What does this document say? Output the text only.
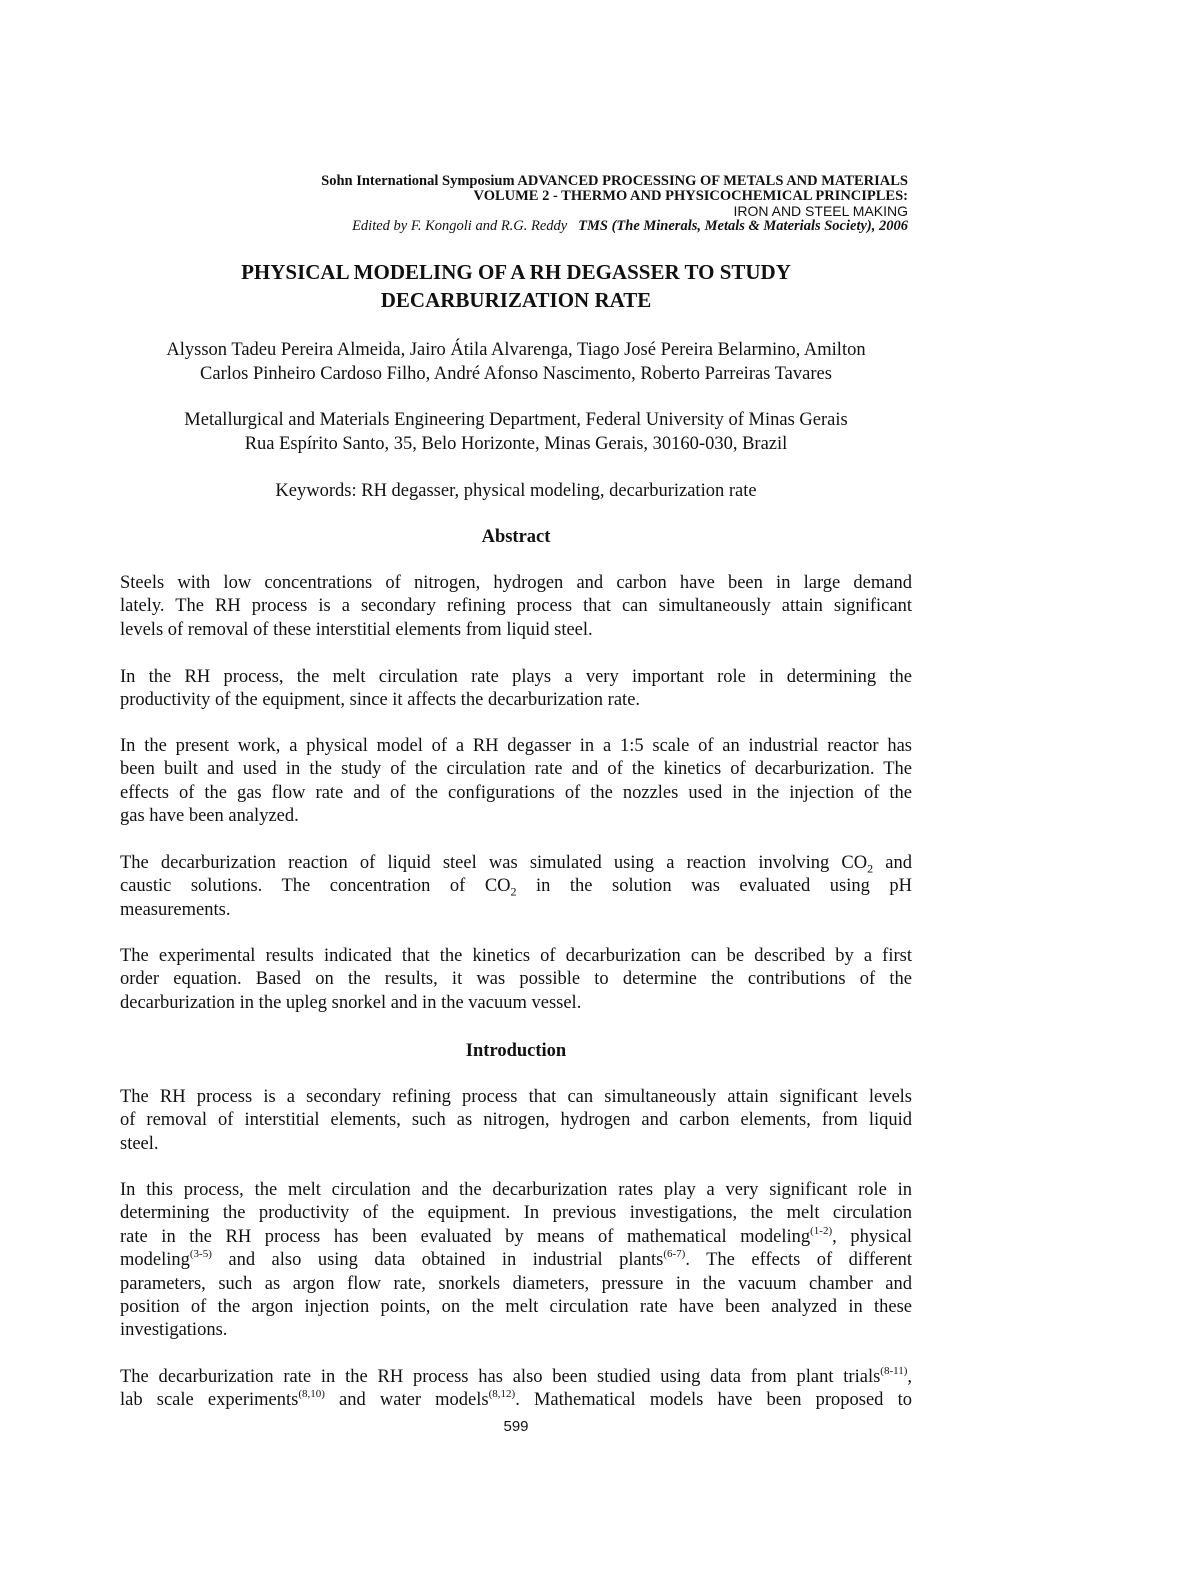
Sohn International Symposium ADVANCED PROCESSING OF METALS AND MATERIALS
VOLUME 2 - THERMO AND PHYSICOCHEMICAL PRINCIPLES:
IRON AND STEEL MAKING
Edited by F. Kongoli and R.G. Reddy TMS (The Minerals, Metals & Materials Society), 2006
PHYSICAL MODELING OF A RH DEGASSER TO STUDY
DECARBURIZATION RATE
Alysson Tadeu Pereira Almeida, Jairo Átila Alvarenga, Tiago José Pereira Belarmino, Amilton
Carlos Pinheiro Cardoso Filho, André Afonso Nascimento, Roberto Parreiras Tavares
Metallurgical and Materials Engineering Department, Federal University of Minas Gerais
Rua Espírito Santo, 35, Belo Horizonte, Minas Gerais, 30160-030, Brazil
Keywords: RH degasser, physical modeling, decarburization rate
Abstract
Steels with low concentrations of nitrogen, hydrogen and carbon have been in large demand
lately. The RH process is a secondary refining process that can simultaneously attain significant
levels of removal of these interstitial elements from liquid steel.
In the RH process, the melt circulation rate plays a very important role in determining the
productivity of the equipment, since it affects the decarburization rate.
In the present work, a physical model of a RH degasser in a 1:5 scale of an industrial reactor has
been built and used in the study of the circulation rate and of the kinetics of decarburization. The
effects of the gas flow rate and of the configurations of the nozzles used in the injection of the
gas have been analyzed.
The decarburization reaction of liquid steel was simulated using a reaction involving $CO_2$ and
caustic solutions. The concentration of $CO_2$ in the solution was evaluated using pH
measurements.
The experimental results indicated that the kinetics of decarburization can be described by a first
order equation. Based on the results, it was possible to determine the contributions of the
decarburization in the upleg snorkel and in the vacuum vessel.
Introduction
The RH process is a secondary refining process that can simultaneously attain significant levels
of removal of interstitial elements, such as nitrogen, hydrogen and carbon elements, from liquid
steel.
In this process, the melt circulation and the decarburization rates play a very significant role in
determining the productivity of the equipment. In previous investigations, the melt circulation
rate in the RH process has been evaluated by means of mathematical modeling$^{(1-2)}$, physical
modeling$^{(3-5)}$ and also using data obtained in industrial plants$^{(6-7)}$. The effects of different
parameters, such as argon flow rate, snorkels diameters, pressure in the vacuum chamber and
position of the argon injection points, on the melt circulation rate have been analyzed in these
investigations.
The decarburization rate in the RH process has also been studied using data from plant trials$^{(8-11)}$,
lab scale experiments$^{(8,10)}$ and water models$^{(8,12)}$. Mathematical models have been proposed to
599
